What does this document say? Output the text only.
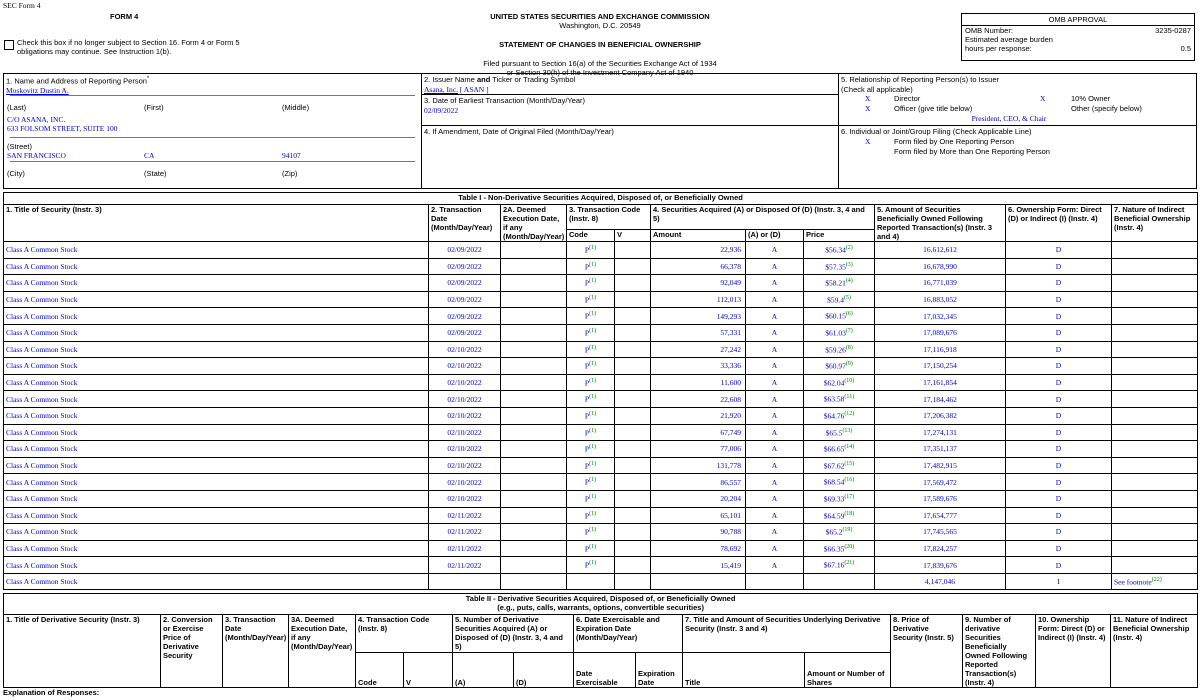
SEC Form 4
FORM 4
Check this box if no longer subject to Section 16. Form 4 or Form 5
obligations may continue. See Instruction 1(b).
UNITED STATES SECURITIES AND EXCHANGE COMMISSION
Washington, D.C. 20549
STATEMENT OF CHANGES IN BENEFICIAL OWNERSHIP
Filed pursuant to Section 16(a) of the Securities Exchange Act of 1934
or Section 30(h) of the Investment Company Act of 1940
OMB APPROVAL
OMB Number:	3235-0287
Estimated average burden
hours per response:	0.5
1. Name and Address of Reporting Person*
Moskovitz Dustin A.
(Last)	(First)	(Middle)
C/O ASANA, INC.
633 FOLSOM STREET, SUITE 100
(Street)
SAN FRANCISCO	CA	94107
(City)	(State)	(Zip)
2. Issuer Name and Ticker or Trading Symbol
Asana, Inc. [ ASAN ]
3. Date of Earliest Transaction (Month/Day/Year)
02/09/2022
4. If Amendment, Date of Original Filed (Month/Day/Year)
5. Relationship of Reporting Person(s) to Issuer
(Check all applicable)
X	Director	X	10% Owner
X	Officer (give title below)	Other (specify below)
President, CEO, & Chair
6. Individual or Joint/Group Filing (Check Applicable Line)
X	Form filed by One Reporting Person
Form filed by More than One Reporting Person
Table I - Non-Derivative Securities Acquired, Disposed of, or Beneficially Owned										
1. Title of Security (Instr. 3)	2. Transaction Date (Month/Day/Year)	2A. Deemed Execution Date, if any (Month/Day/Year)	3. Transaction Code (Instr. 8)		4. Securities Acquired (A) or Disposed Of (D) (Instr. 3, 4 and 5)			5. Amount of Securities Beneficially Owned Following Reported Transaction(s) (Instr. 3 and 4)	6. Ownership Form: Direct (D) or Indirect (I) (Instr. 4)	7. Nature of Indirect Beneficial Ownership (Instr. 4)
			Code	V	Amount	(A) or (D)	Price			
Class A Common Stock	02/09/2022		$P^{(1)}$		22,936	A	$56.34$^{(2)}$	16,612,612	D	
Class A Common Stock	02/09/2022		$P^{(1)}$		66,378	A	$57.35$^{(3)}$	16,678,990	D	
Class A Common Stock	02/09/2022		$P^{(1)}$		92,049	A	$58.21$^{(4)}$	16,771,039	D	
Class A Common Stock	02/09/2022		$P^{(1)}$		112,013	A	$59.4$^{(5)}$	16,883,052	D	
Class A Common Stock	02/09/2022		$P^{(1)}$		149,293	A	$60.15$^{(6)}$	17,032,345	D	
Class A Common Stock	02/09/2022		$P^{(1)}$		57,331	A	$61.03$^{(7)}$	17,089,676	D	
Class A Common Stock	02/10/2022		$P^{(1)}$		27,242	A	$59.26$^{(8)}$	17,116,918	D	
Class A Common Stock	02/10/2022		$P^{(1)}$		33,336	A	$60.97$^{(9)}$	17,150,254	D	
Class A Common Stock	02/10/2022		$P^{(1)}$		11,600	A	$62.04$^{(10)}$	17,161,854	D	
Class A Common Stock	02/10/2022		$P^{(1)}$		22,608	A	$63.58$^{(11)}$	17,184,462	D	
Class A Common Stock	02/10/2022		$P^{(1)}$		21,920	A	$64.76$^{(12)}$	17,206,382	D	
Class A Common Stock	02/10/2022		$P^{(1)}$		67,749	A	$65.5$^{(13)}$	17,274,131	D	
Class A Common Stock	02/10/2022		$P^{(1)}$		77,006	A	$66.65$^{(14)}$	17,351,137	D	
Class A Common Stock	02/10/2022		$P^{(1)}$		131,778	A	$67.62$^{(15)}$	17,482,915	D	
Class A Common Stock	02/10/2022		$P^{(1)}$		86,557	A	$68.54$^{(16)}$	17,569,472	D	
Class A Common Stock	02/10/2022		$P^{(1)}$		20,204	A	$69.33$^{(17)}$	17,589,676	D	
Class A Common Stock	02/11/2022		$P^{(1)}$		65,101	A	$64.59$^{(18)}$	17,654,777	D	
Class A Common Stock	02/11/2022		$P^{(1)}$		90,788	A	$65.2$^{(19)}$	17,745,565	D	
Class A Common Stock	02/11/2022		$P^{(1)}$		78,692	A	$66.35$^{(20)}$	17,824,257	D	
Class A Common Stock	02/11/2022		$P^{(1)}$		15,419	A	$67.16$^{(21)}$	17,839,676	D	
Class A Common Stock								4,147,046	I	See footnote$^{(22)}$
Table II - Derivative Securities Acquired, Disposed of, or Beneficially Owned
(e.g., puts, calls, warrants, options, convertible securities)															

1. Title of Derivative Security (Instr. 3)	2. Conversion or Exercise Price of Derivative Security	3. Transaction Date (Month/Day/Year)	3A. Deemed Execution Date, if any (Month/Day/Year)	4. Transaction Code (Instr. 8)		5. Number of Derivative Securities Acquired (A) or Disposed of (D) (Instr. 3, 4 and 5)		6. Date Exercisable and Expiration Date (Month/Day/Year)		7. Title and Amount of Securities Underlying Derivative Security (Instr. 3 and 4)		8. Price of Derivative Security (Instr. 5)	9. Number of derivative Securities Beneficially Owned Following Reported Transaction(s) (Instr. 4)	10. Ownership Form: Direct (D) or Indirect (I) (Instr. 4)	11. Nature of Indirect Beneficial Ownership (Instr. 4)
				Code	V	(A)	(D)	Date Exercisable	Expiration Date	Title	Amount or Number of Shares				
Explanation of Responses:
